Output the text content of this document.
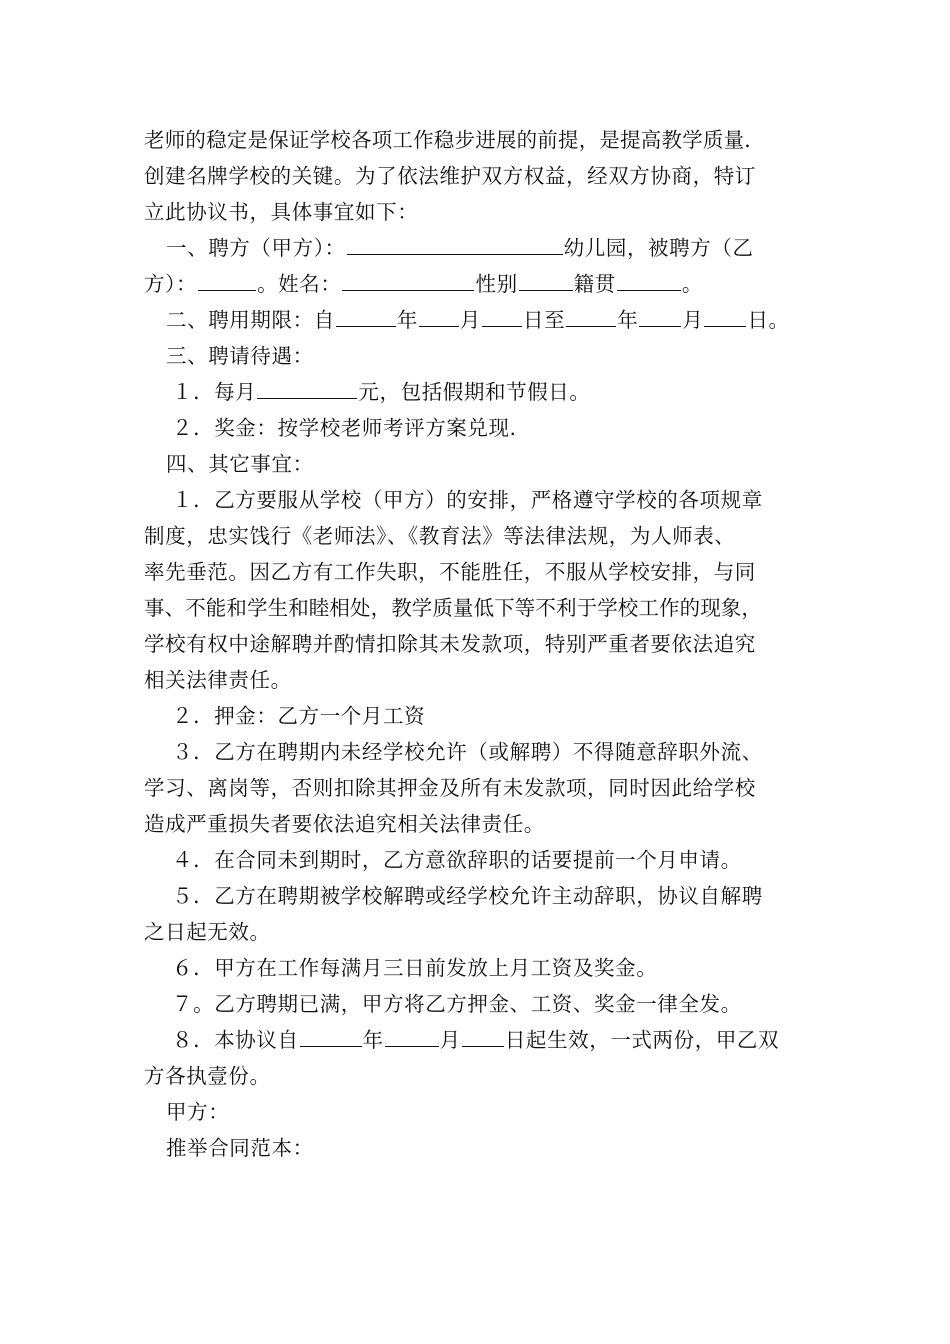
老师的稳定是保证学校各项工作稳步进展的前提，是提高教学质量．
创建名牌学校的关键。为了依法维护双方权益，经双方协商，特订
立此协议书，具体事宜如下：
一、聘方（甲方）：	幼儿园，被聘方（乙
方）：	。姓名：	性别	籍贯	。
二、聘用期限：自	年 月 日至	年 月 日。
三、聘请待遇：
１．每月	元，包括假期和节假日。
２．奖金：按学校老师考评方案兑现．
四、其它事宜：
１．乙方要服从学校（甲方）的安排，严格遵守学校的各项规章
制度，忠实饯行《老师法》、《教育法》等法律法规，为人师表、
率先垂范。因乙方有工作失职，不能胜任，不服从学校安排，与同
事、不能和学生和睦相处，教学质量低下等不利于学校工作的现象，
学校有权中途解聘并酌情扣除其未发款项，特别严重者要依法追究
相关法律责任。
２．押金：乙方一个月工资
３．乙方在聘期内未经学校允许（或解聘）不得随意辞职外流、
学习、离岗等，否则扣除其押金及所有未发款项，同时因此给学校
造成严重损失者要依法追究相关法律责任。
４．在合同未到期时，乙方意欲辞职的话要提前一个月申请。
５．乙方在聘期被学校解聘或经学校允许主动辞职，协议自解聘
之日起无效。
６．甲方在工作每满月三日前发放上月工资及奖金。
７。乙方聘期已满，甲方将乙方押金、工资、奖金一律全发。
８．本协议自	年	月 日起生效，一式两份，甲乙双
方各执壹份。
甲方：
推举合同范本：
